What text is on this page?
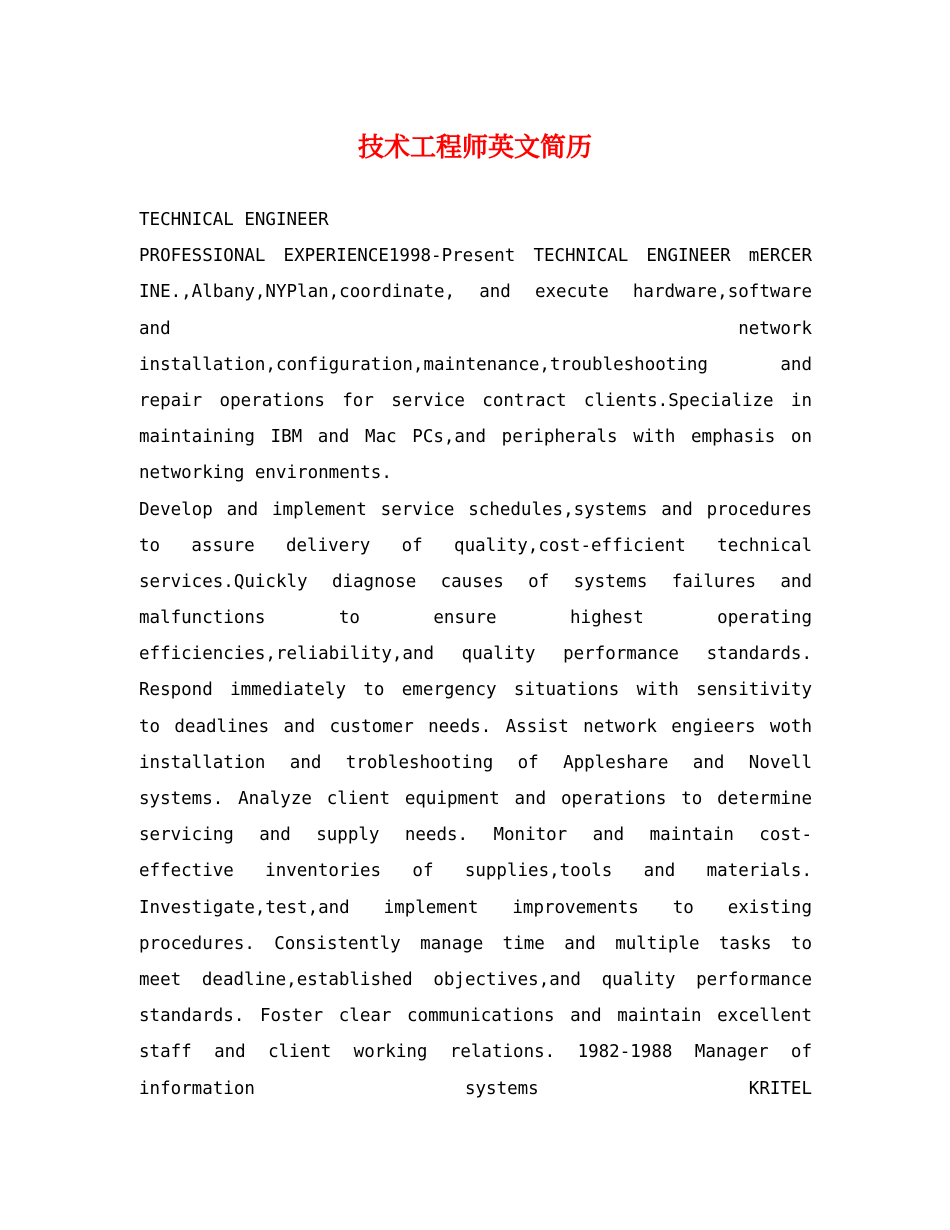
技术工程师英文简历
TECHNICAL ENGINEER
PROFESSIONAL EXPERIENCE1998-Present TECHNICAL ENGINEER mERCER
INE.,Albany,NYPlan,coordinate, and execute hardware,software
and network
installation,configuration,maintenance,troubleshooting and
repair operations for service contract clients.Specialize in
maintaining IBM and Mac PCs,and peripherals with emphasis on
networking environments.
Develop and implement service schedules,systems and procedures
to assure delivery of quality,cost-efficient technical
services.Quickly diagnose causes of systems failures and
malfunctions to ensure highest operating
efficiencies,reliability,and quality performance standards.
Respond immediately to emergency situations with sensitivity
to deadlines and customer needs. Assist network engieers woth
installation and trobleshooting of Appleshare and Novell
systems. Analyze client equipment and operations to determine
servicing and supply needs. Monitor and maintain cost-
effective inventories of supplies,tools and materials.
Investigate,test,and implement improvements to existing
procedures. Consistently manage time and multiple tasks to
meet deadline,established objectives,and quality performance
standards. Foster clear communications and maintain excellent
staff and client working relations. 1982-1988 Manager of
information systems KRITEL
